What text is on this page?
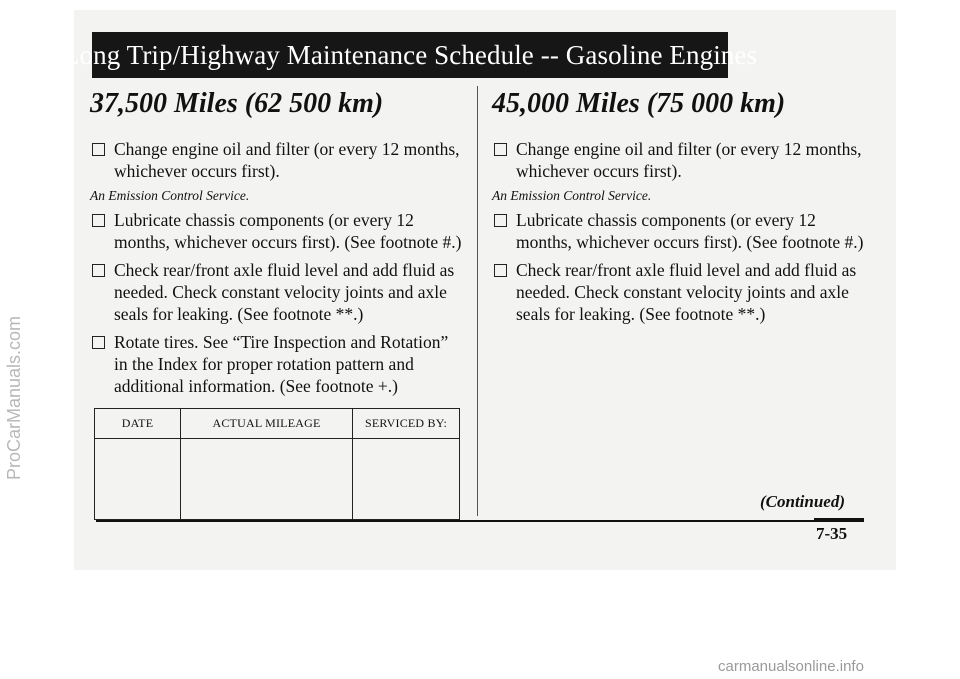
Long Trip/Highway Maintenance Schedule -- Gasoline Engines
37,500 Miles (62 500 km)
Change engine oil and filter (or every 12 months, whichever occurs first).
An Emission Control Service.
Lubricate chassis components (or every 12 months, whichever occurs first). (See footnote #.)
Check rear/front axle fluid level and add fluid as needed. Check constant velocity joints and axle seals for leaking. (See footnote **.)
Rotate tires. See “Tire Inspection and Rotation” in the Index for proper rotation pattern and additional information. (See footnote +.)
45,000 Miles (75 000 km)
Change engine oil and filter (or every 12 months, whichever occurs first).
An Emission Control Service.
Lubricate chassis components (or every 12 months, whichever occurs first). (See footnote #.)
Check rear/front axle fluid level and add fluid as needed. Check constant velocity joints and axle seals for leaking. (See footnote **.)
DATE	ACTUAL MILEAGE	SERVICED BY:

(Continued)
7-35
ProCarManuals.com
carmanualsonline.info
